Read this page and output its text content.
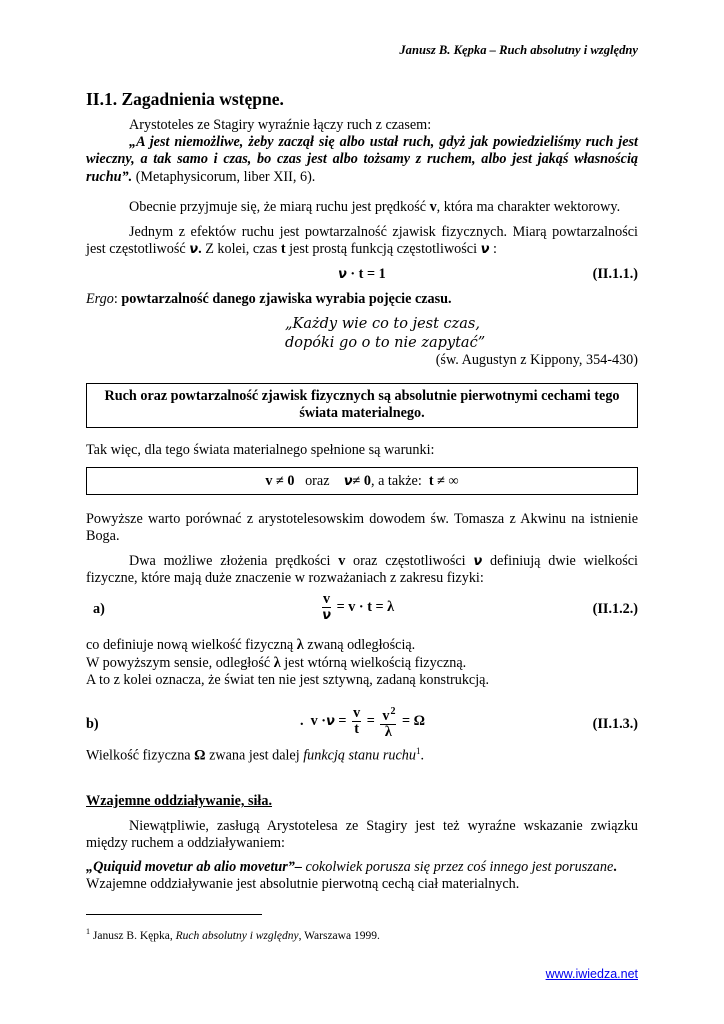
Janusz B. Kępka – Ruch absolutny i względny
II.1. Zagadnienia wstępne.
Arystoteles ze Stagiry wyraźnie łączy ruch z czasem:
„A jest niemożliwe, żeby zaczął się albo ustał ruch, gdyż jak powiedzieliśmy ruch jest wieczny, a tak samo i czas, bo czas jest albo tożsamy z ruchem, albo jest jakąś własnością ruchu”. (Metaphysicorum, liber XII, 6).
Obecnie przyjmuje się, że miarą ruchu jest prędkość v, która ma charakter wektorowy.
Jednym z efektów ruchu jest powtarzalność zjawisk fizycznych. Miarą powtarzalności jest częstotliwość ν. Z kolei, czas t jest prostą funkcją częstotliwości ν :
ν · t = 1	(II.1.1.)
Ergo: powtarzalność danego zjawiska wyrabia pojęcie czasu.
„Każdy wie co to jest czas,
dopóki go o to nie zapytać”
(św. Augustyn z Kippony, 354-430)
Ruch oraz powtarzalność zjawisk fizycznych są absolutnie pierwotnymi cechami tego świata materialnego.
Tak więc, dla tego świata materialnego spełnione są warunki:
v ≠ 0 oraz ν≠ 0, a także: t ≠ ∞
Powyższe warto porównać z arystotelesowskim dowodem św. Tomasza z Akwinu na istnienie Boga.
Dwa możliwe złożenia prędkości v oraz częstotliwości ν definiują dwie wielkości fizyczne, które mają duże znaczenie w rozważaniach z zakresu fizyki:
a)	$\frac{v}{\nu} = v \cdot t = \lambda$	(II.1.2.)
co definiuje nową wielkość fizyczną λ zwaną odległością.
W powyższym sensie, odległość λ jest wtórną wielkością fizyczną.
A to z kolei oznacza, że świat ten nie jest sztywną, zadaną konstrukcją.
b)	. $v \cdot\nu = \frac{v}{t} = \frac{v^2}{\lambda} = \Omega$	(II.1.3.)
Wielkość fizyczna Ω zwana jest dalej funkcją stanu ruchu$^1$.
Wzajemne oddziaływanie, siła.
Niewątpliwie, zasługą Arystotelesa ze Stagiry jest też wyraźne wskazanie związku między ruchem a oddziaływaniem:
„Quiquid movetur ab alio movetur”– cokolwiek porusza się przez coś innego jest poruszane.
Wzajemne oddziaływanie jest absolutnie pierwotną cechą ciał materialnych.
$^1$ Janusz B. Kępka, Ruch absolutny i względny, Warszawa 1999.
www.iwiedza.net
